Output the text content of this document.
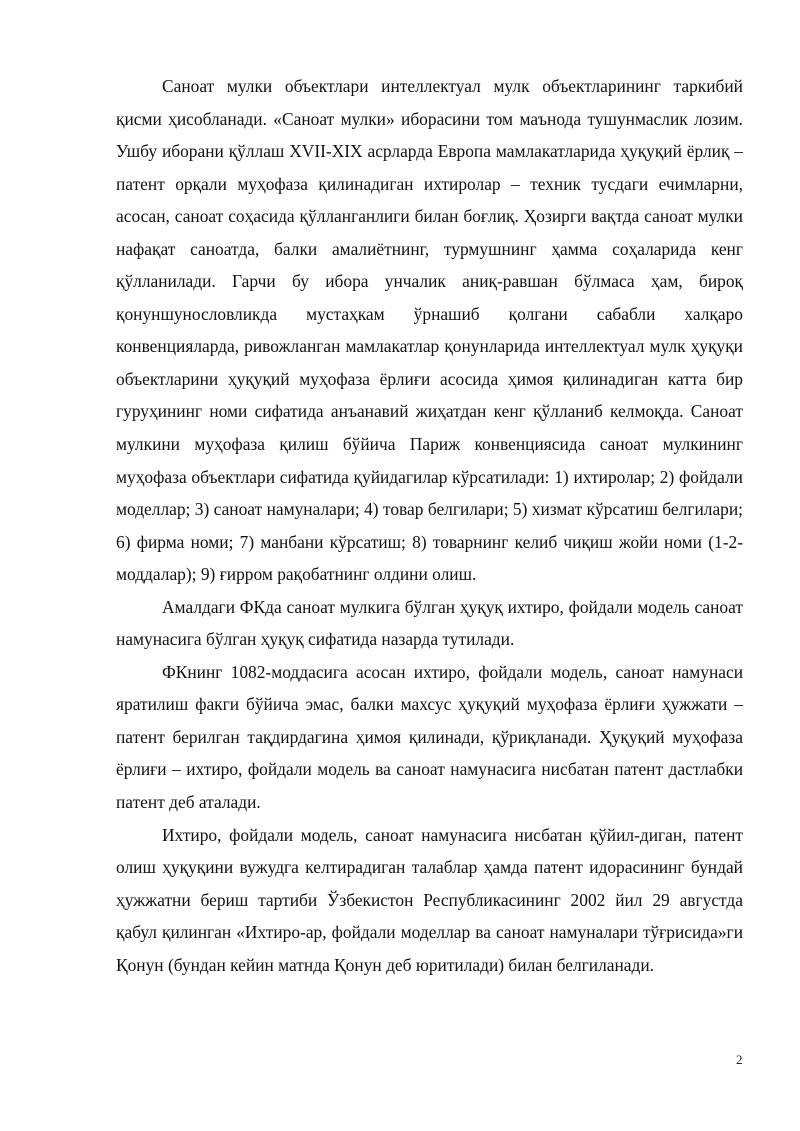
Саноат мулки объектлари интеллектуал мулк объектларининг таркибий қисми ҳисобланади. «Саноат мулки» иборасини том маънода тушунмаслик лозим. Ушбу иборани қўллаш XVII-XIX асрларда Европа мамлакатларида ҳуқуқий ёрлиқ – патент орқали муҳофаза қилинадиган ихтиролар – техник тусдаги ечимларни, асосан, саноат соҳасида қўлланганлиги билан боғлиқ. Ҳозирги вақтда саноат мулки нафақат саноатда, балки амалиётнинг, турмушнинг ҳамма соҳаларида кенг қўлланилади. Гарчи бу ибора унчалик аниқ-равшан бўлмаса ҳам, бироқ қонуншунословликда мустаҳкам ўрнашиб қолгани сабабли халқаро конвенцияларда, ривожланган мамлакатлар қонунларида интеллектуал мулк ҳуқуқи объектларини ҳуқуқий муҳофаза ёрлиғи асосида ҳимоя қилинадиган катта бир гуруҳининг номи сифатида анъанавий жиҳатдан кенг қўлланиб келмоқда. Саноат мулкини муҳофаза қилиш бўйича Париж конвенциясида саноат мулкининг муҳофаза объектлари сифатида қуйидагилар кўрсатилади: 1) ихтиролар; 2) фойдали моделлар; 3) саноат намуналари; 4) товар белгилари; 5) хизмат кўрсатиш белгилари; 6) фирма номи; 7) манбани кўрсатиш; 8) товарнинг келиб чиқиш жойи номи (1-2-моддалар); 9) ғирром рақобатнинг олдини олиш.

Амалдаги ФКда саноат мулкига бўлган ҳуқуқ ихтиро, фойдали модель саноат намунасига бўлган ҳуқуқ сифатида назарда тутилади.

ФКнинг 1082-моддасига асосан ихтиро, фойдали модель, саноат намунаси яратилиш факги бўйича эмас, балки махсус ҳуқуқий муҳофаза ёрлиғи ҳужжати – патент берилган тақдирдагина ҳимоя қилинади, қўриқланади. Ҳуқуқий муҳофаза ёрлиғи – ихтиро, фойдали модель ва саноат намунасига нисбатан патент дастлабки патент деб аталади.

Ихтиро, фойдали модель, саноат намунасига нисбатан қўйил-диган, патент олиш ҳуқуқини вужудга келтирадиган талаблар ҳамда патент идорасининг бундай ҳужжатни бериш тартиби Ўзбекистон Республикасининг 2002 йил 29 августда қабул қилинган «Ихтиро-ар, фойдали моделлар ва саноат намуналари тўғрисида»ги Қонун (бундан кейин матнда Қонун деб юритилади) билан белгиланади.

2
